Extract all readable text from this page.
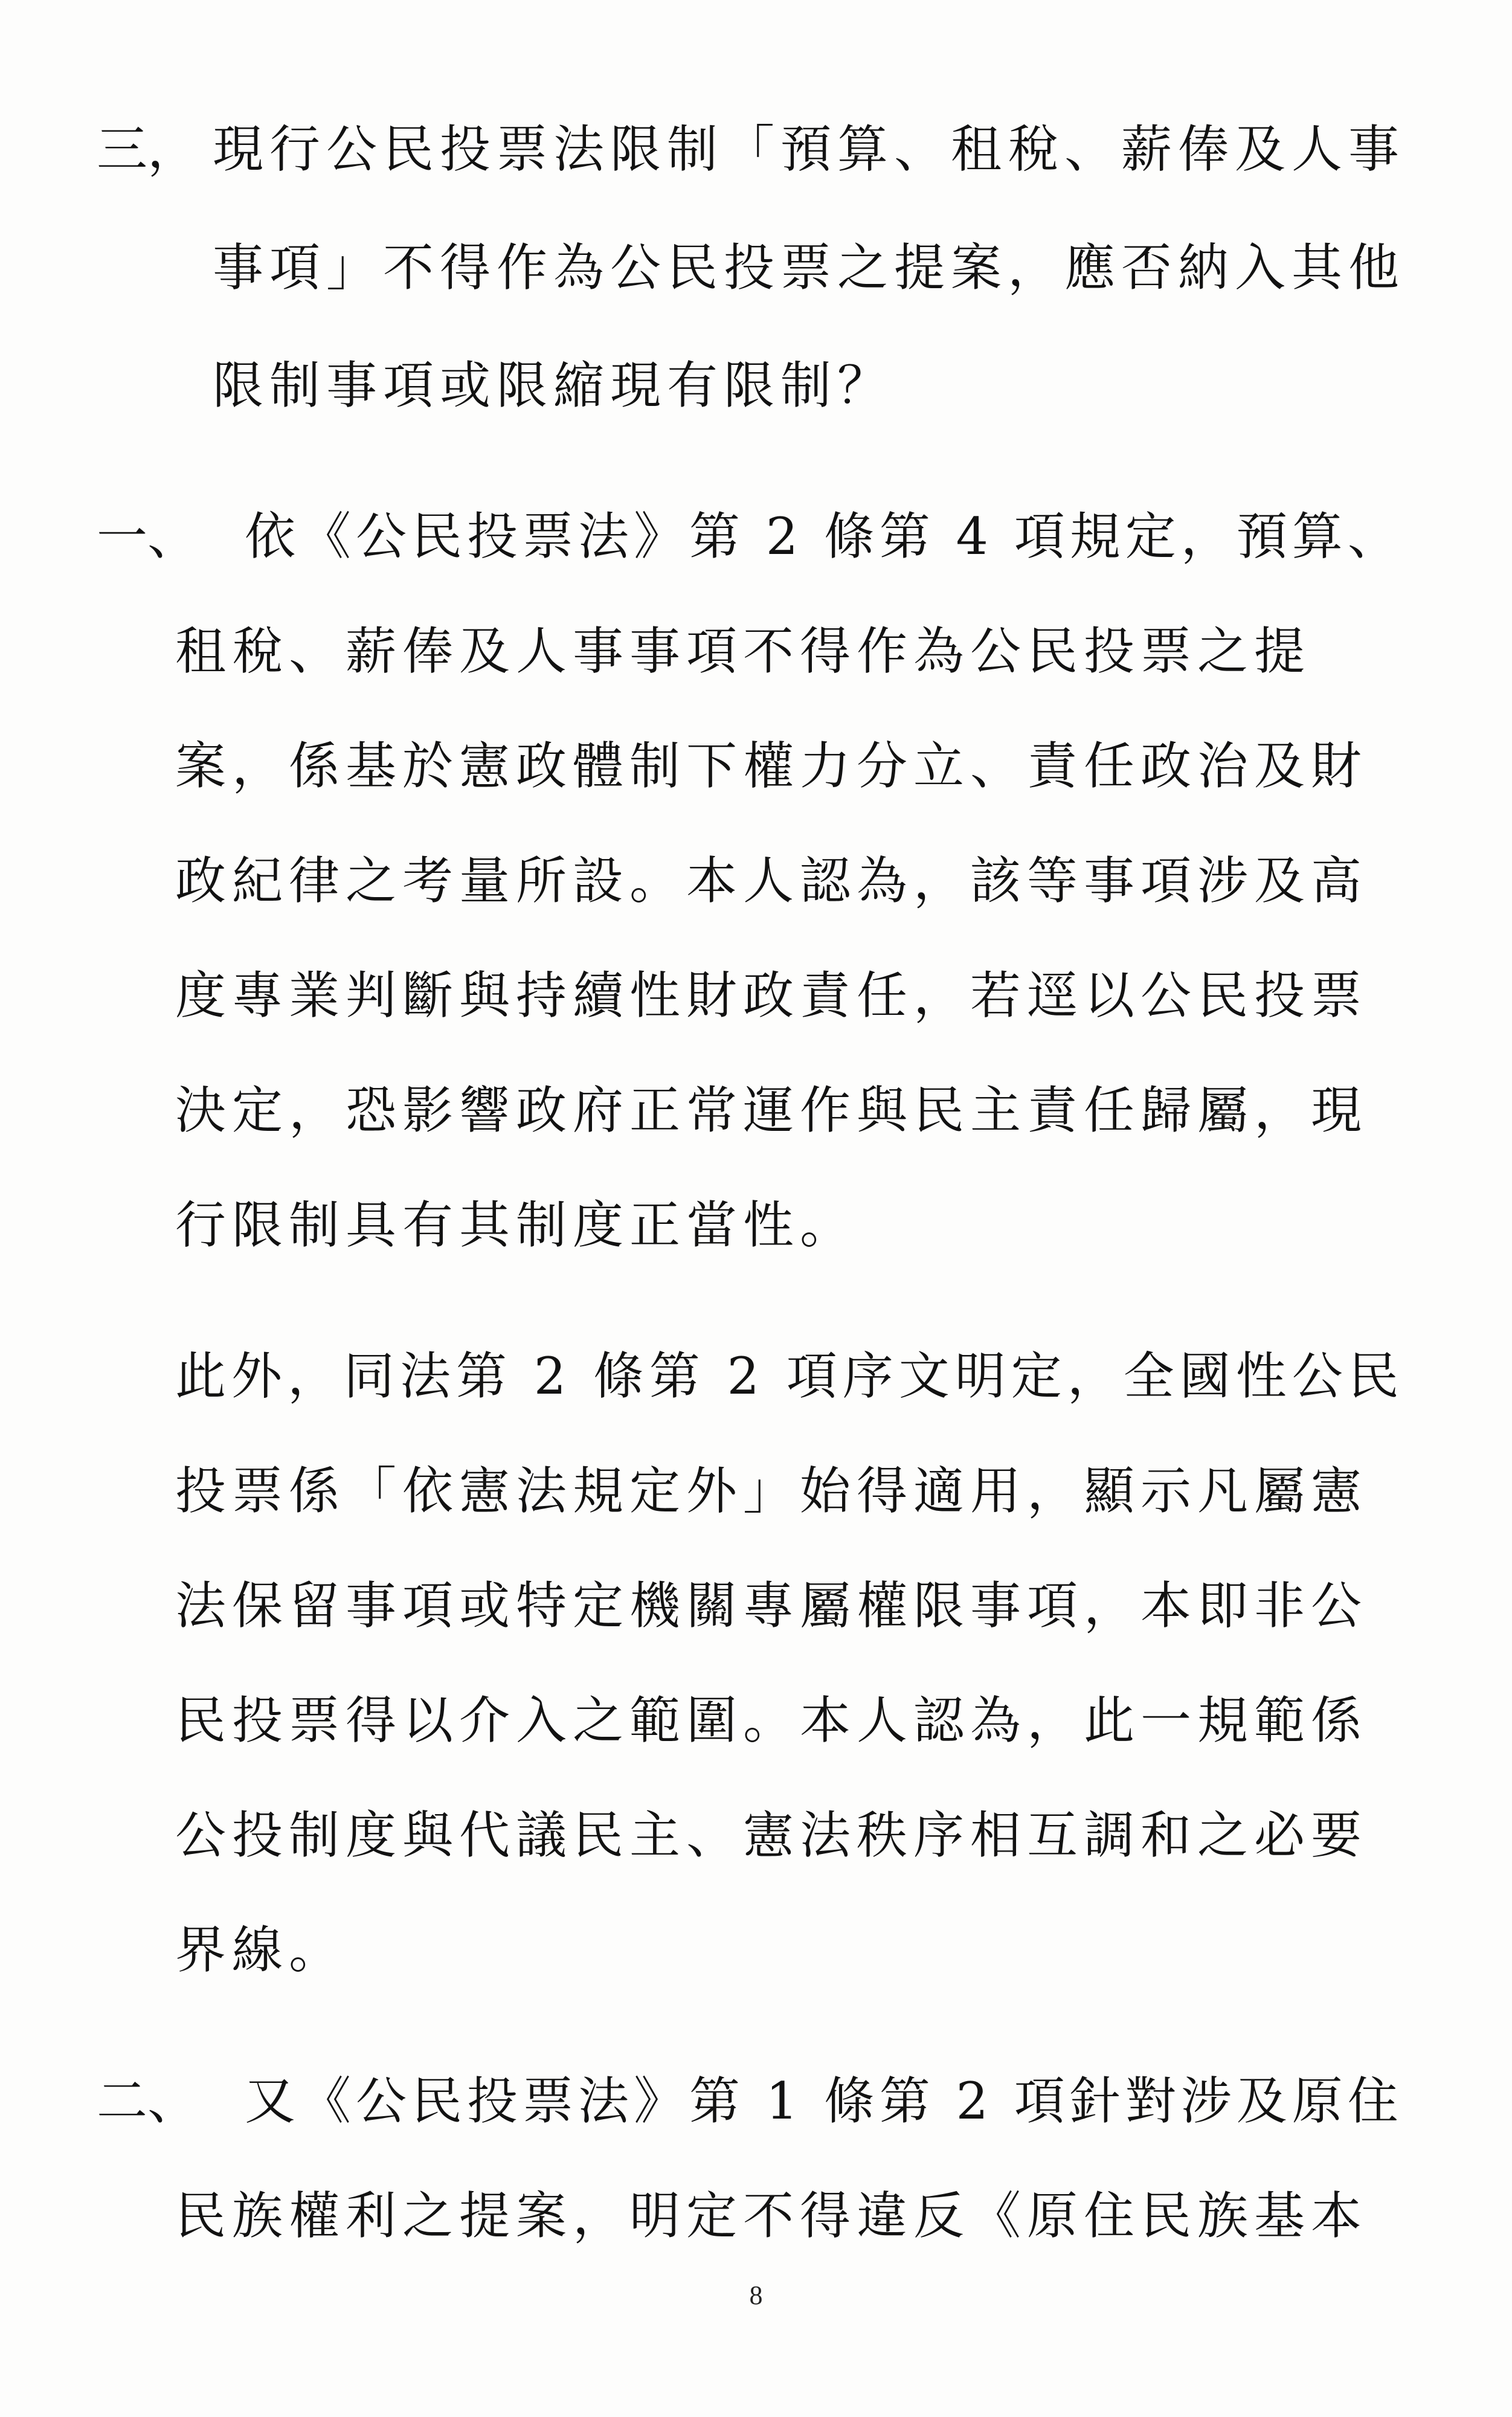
三， 現行公民投票法限制「預算、租稅、薪俸及人事
事項」不得作為公民投票之提案，應否納入其他
限制事項或限縮現有限制？
一、 依《公民投票法》第 2 條第 4 項規定，預算、
租稅、薪俸及人事事項不得作為公民投票之提
案，係基於憲政體制下權力分立、責任政治及財
政紀律之考量所設。本人認為，該等事項涉及高
度專業判斷與持續性財政責任，若逕以公民投票
決定，恐影響政府正常運作與民主責任歸屬，現
行限制具有其制度正當性。
此外，同法第 2 條第 2 項序文明定，全國性公民
投票係「依憲法規定外」始得適用，顯示凡屬憲
法保留事項或特定機關專屬權限事項，本即非公
民投票得以介入之範圍。本人認為，此一規範係
公投制度與代議民主、憲法秩序相互調和之必要
界線。
二、 又《公民投票法》第 1 條第 2 項針對涉及原住
民族權利之提案，明定不得違反《原住民族基本
8
